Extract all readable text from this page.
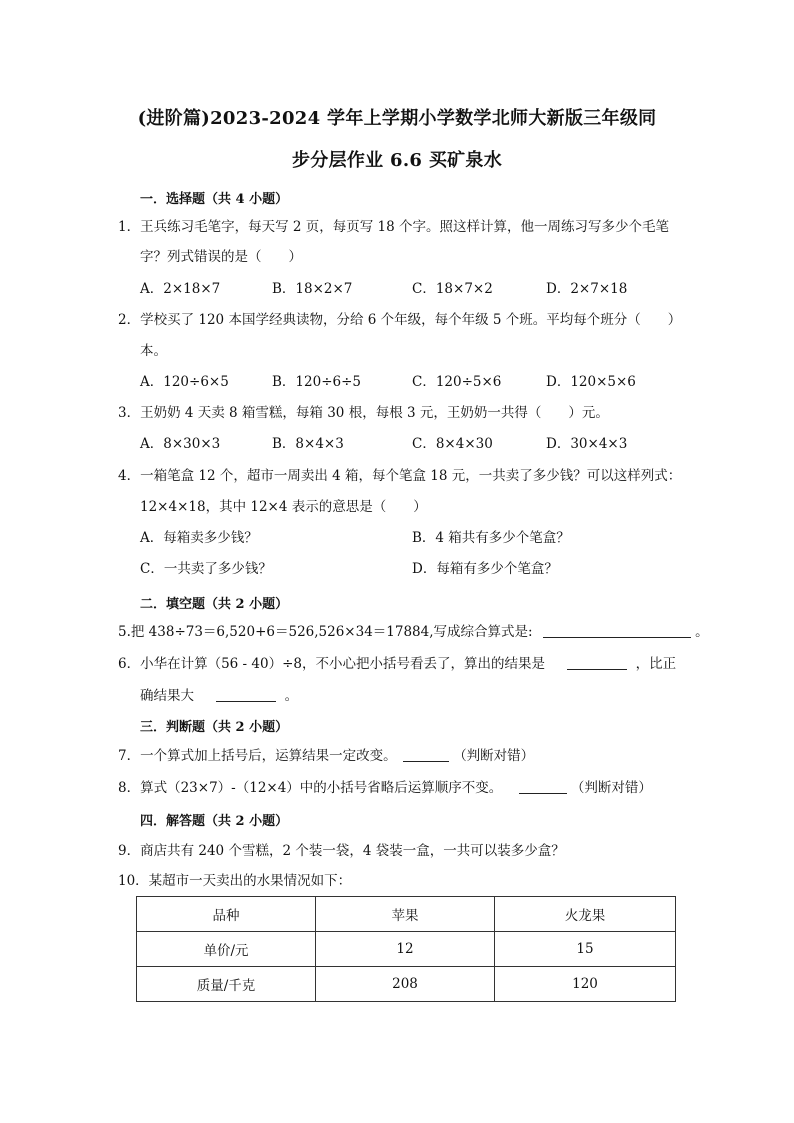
(进阶篇)2023-2024 学年上学期小学数学北师大新版三年级同
步分层作业 6.6 买矿泉水
一．选择题（共 4 小题）
1．王兵练习毛笔字，每天写 2 页，每页写 18 个字。照这样计算，他一周练习写多少个毛笔
字？列式错误的是（　　）
A．2×18×7	B．18×2×7	C．18×7×2	D．2×7×18
2．学校买了 120 本国学经典读物，分给 6 个年级，每个年级 5 个班。平均每个班分（　　）
本。
A．120÷6×5	B．120÷6÷5	C．120÷5×6	D．120×5×6
3．王奶奶 4 天卖 8 箱雪糕，每箱 30 根，每根 3 元，王奶奶一共得（　　）元。
A．8×30×3	B．8×4×3	C．8×4×30	D．30×4×3
4．一箱笔盒 12 个，超市一周卖出 4 箱，每个笔盒 18 元，一共卖了多少钱？可以这样列式：
12×4×18，其中 12×4 表示的意思是（　　）
A．每箱卖多少钱？	B．4 箱共有多少个笔盒？
C．一共卖了多少钱？	D．每箱有多少个笔盒？
二．填空题（共 2 小题）
5.把 438÷73＝6,520+6＝526,526×34＝17884,写成综合算式是:	。
6．小华在计算（56 - 40）÷8，不小心把小括号看丢了，算出的结果是	，比正
确结果大	。
三．判断题（共 2 小题）
7．一个算式加上括号后，运算结果一定改变。	（判断对错）
8．算式（23×7）-（12×4）中的小括号省略后运算顺序不变。	（判断对错）
四．解答题（共 2 小题）
9．商店共有 240 个雪糕，2 个装一袋，4 袋装一盒，一共可以装多少盒？
10．某超市一天卖出的水果情况如下：
品种	苹果	火龙果
单价/元	12	15
质量/千克	208	120
